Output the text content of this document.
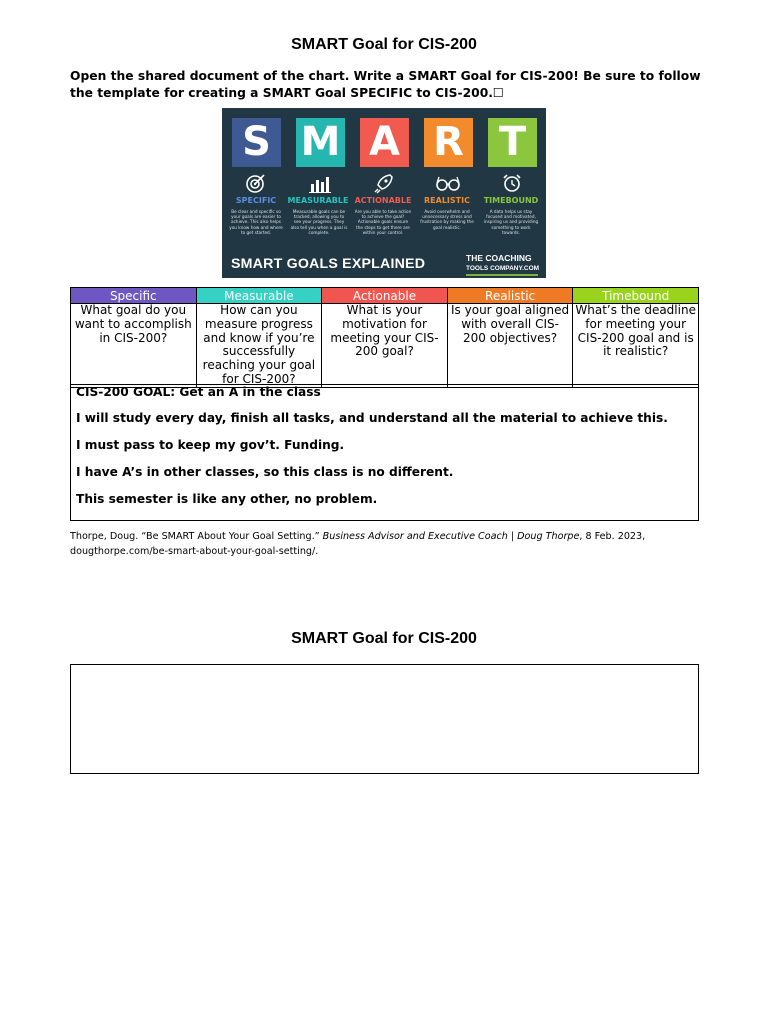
SMART Goal for CIS-200
Open the shared document of the chart. Write a SMART Goal for CIS-200! Be sure to follow the template for creating a SMART Goal SPECIFIC to CIS-200.☐
S M A R T
SPECIFIC	MEASURABLE ACTIONABLE	REALISTIC	TIMEBOUND
Be clear and specific so your goals are easier to achieve. This also helps you know how and where to get started.
Measurable goals can be tracked, allowing you to see your progress. They also tell you when a goal is complete.
Are you able to take action to achieve the goal? Actionable goals ensure the steps to get there are within your control.
Avoid overwhelm and unnecessary stress and frustration by making the goal realistic.
A data helps us stay focused and motivated, inspiring us and providing something to work towards.
SMART GOALS EXPLAINED	THE COACHING
TOOLS COMPANY.COM
Specific	Measurable	Actionable	Realistic	Timebound
What goal do you want to accomplish in CIS-200?	How can you measure progress and know if you’re successfully reaching your goal for CIS-200?	What is your motivation for meeting your CIS-200 goal?	Is your goal aligned with overall CIS-200 objectives?	What’s the deadline for meeting your CIS-200 goal and is it realistic?
CIS-200 GOAL: Get an A in the class
I will study every day, finish all tasks, and understand all the material to achieve this.
I must pass to keep my gov’t. Funding.
I have A’s in other classes, so this class is no different.
This semester is like any other, no problem.
Thorpe, Doug. “Be SMART About Your Goal Setting.” Business Advisor and Executive Coach | Doug Thorpe, 8 Feb. 2023,
dougthorpe.com/be-smart-about-your-goal-setting/.
SMART Goal for CIS-200
